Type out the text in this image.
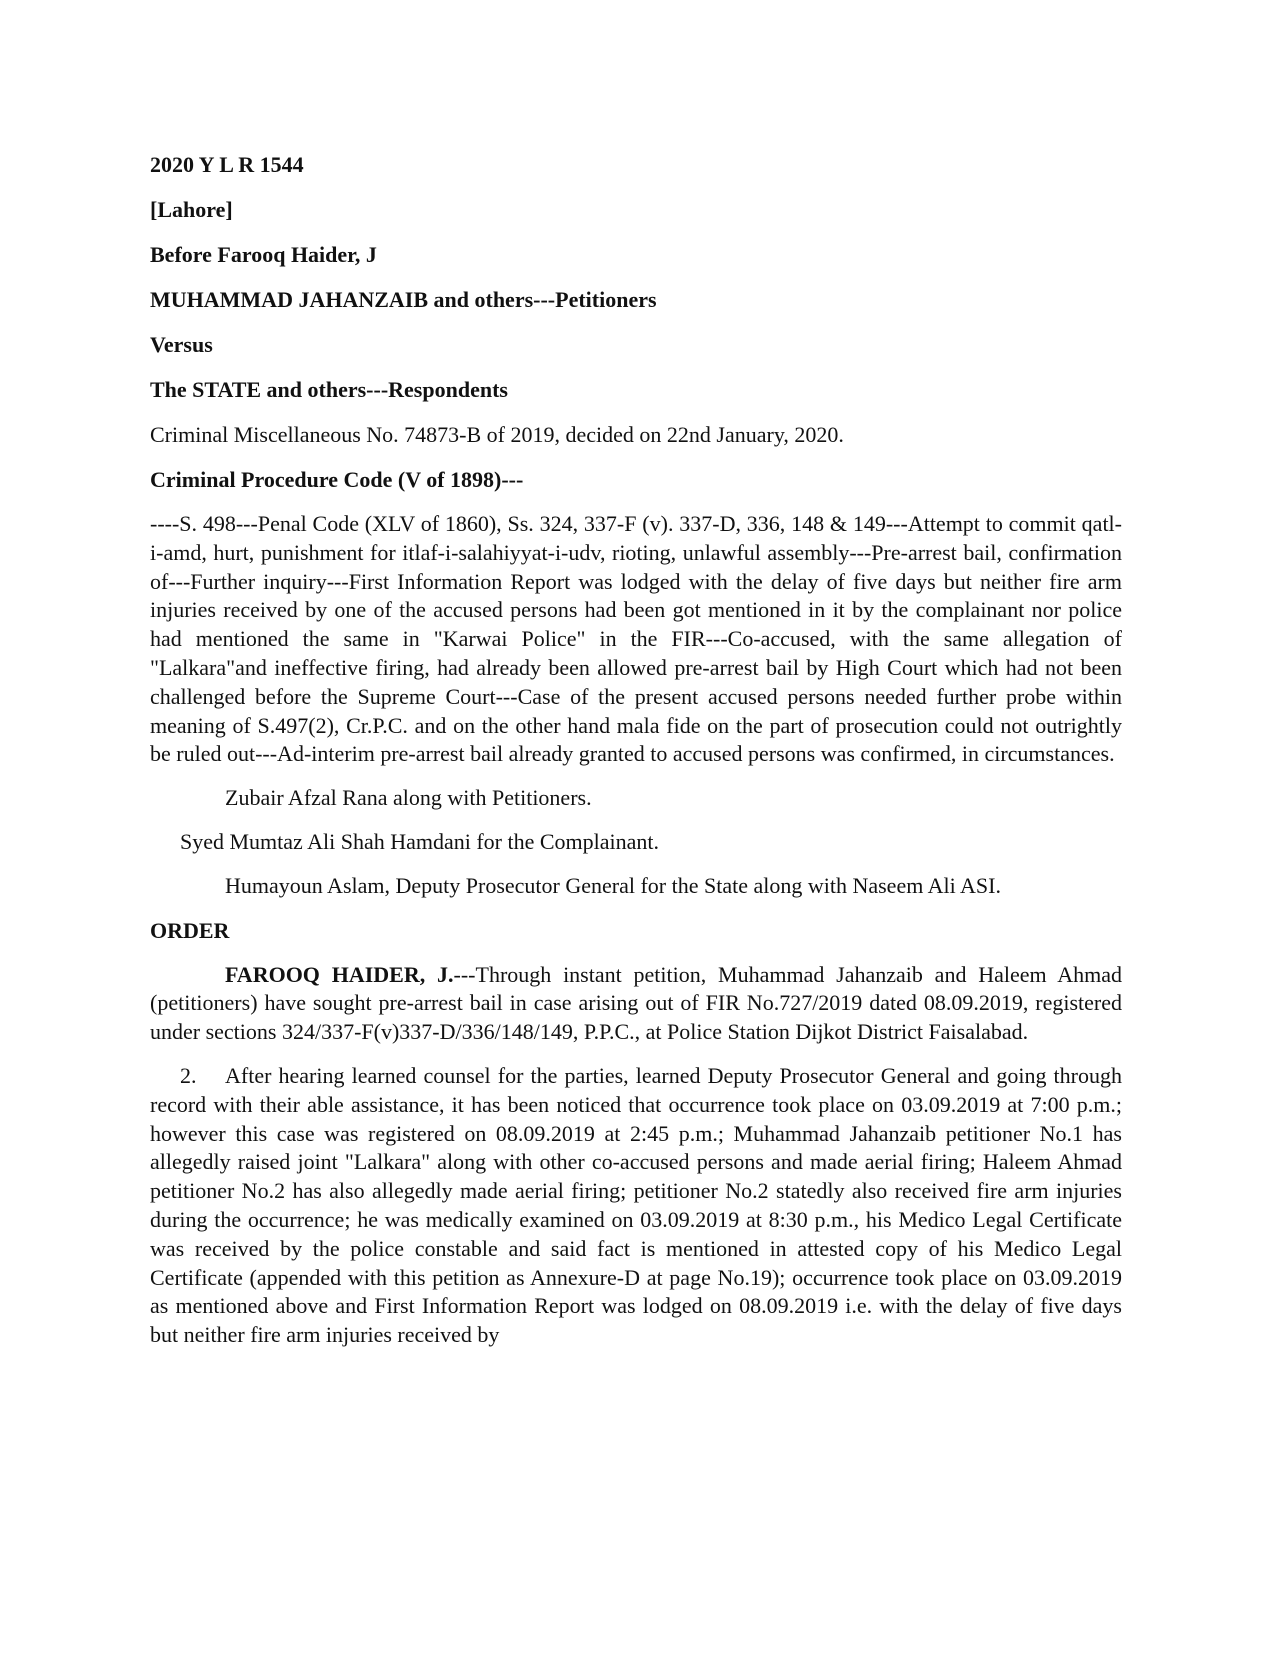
2020 Y L R 1544
[Lahore]
Before Farooq Haider, J
MUHAMMAD JAHANZAIB and others---Petitioners
Versus
The STATE and others---Respondents
Criminal Miscellaneous No. 74873-B of 2019, decided on 22nd January, 2020.
Criminal Procedure Code (V of 1898)---

----S. 498---Penal Code (XLV of 1860), Ss. 324, 337-F (v). 337-D, 336, 148 & 149---Attempt to commit qatl-i-amd, hurt, punishment for itlaf-i-salahiyyat-i-udv, rioting, unlawful assembly---Pre-arrest bail, confirmation of---Further inquiry---First Information Report was lodged with the delay of five days but neither fire arm injuries received by one of the accused persons had been got mentioned in it by the complainant nor police had mentioned the same in "Karwai Police" in the FIR---Co-accused, with the same allegation of "Lalkara"and ineffective firing, had already been allowed pre-arrest bail by High Court which had not been challenged before the Supreme Court---Case of the present accused persons needed further probe within meaning of S.497(2), Cr.P.C. and on the other hand mala fide on the part of prosecution could not outrightly be ruled out---Ad-interim pre-arrest bail already granted to accused persons was confirmed, in circumstances.

Zubair Afzal Rana along with Petitioners.

Syed Mumtaz Ali Shah Hamdani for the Complainant.

Humayoun Aslam, Deputy Prosecutor General for the State along with Naseem Ali ASI.

ORDER

FAROOQ HAIDER, J.---Through instant petition, Muhammad Jahanzaib and Haleem Ahmad (petitioners) have sought pre-arrest bail in case arising out of FIR No.727/2019 dated 08.09.2019, registered under sections 324/337-F(v)337-D/336/148/149, P.P.C., at Police Station Dijkot District Faisalabad.

2. After hearing learned counsel for the parties, learned Deputy Prosecutor General and going through record with their able assistance, it has been noticed that occurrence took place on 03.09.2019 at 7:00 p.m.; however this case was registered on 08.09.2019 at 2:45 p.m.; Muhammad Jahanzaib petitioner No.1 has allegedly raised joint "Lalkara" along with other co-accused persons and made aerial firing; Haleem Ahmad petitioner No.2 has also allegedly made aerial firing; petitioner No.2 statedly also received fire arm injuries during the occurrence; he was medically examined on 03.09.2019 at 8:30 p.m., his Medico Legal Certificate was received by the police constable and said fact is mentioned in attested copy of his Medico Legal Certificate (appended with this petition as Annexure-D at page No.19); occurrence took place on 03.09.2019 as mentioned above and First Information Report was lodged on 08.09.2019 i.e. with the delay of five days but neither fire arm injuries received by
